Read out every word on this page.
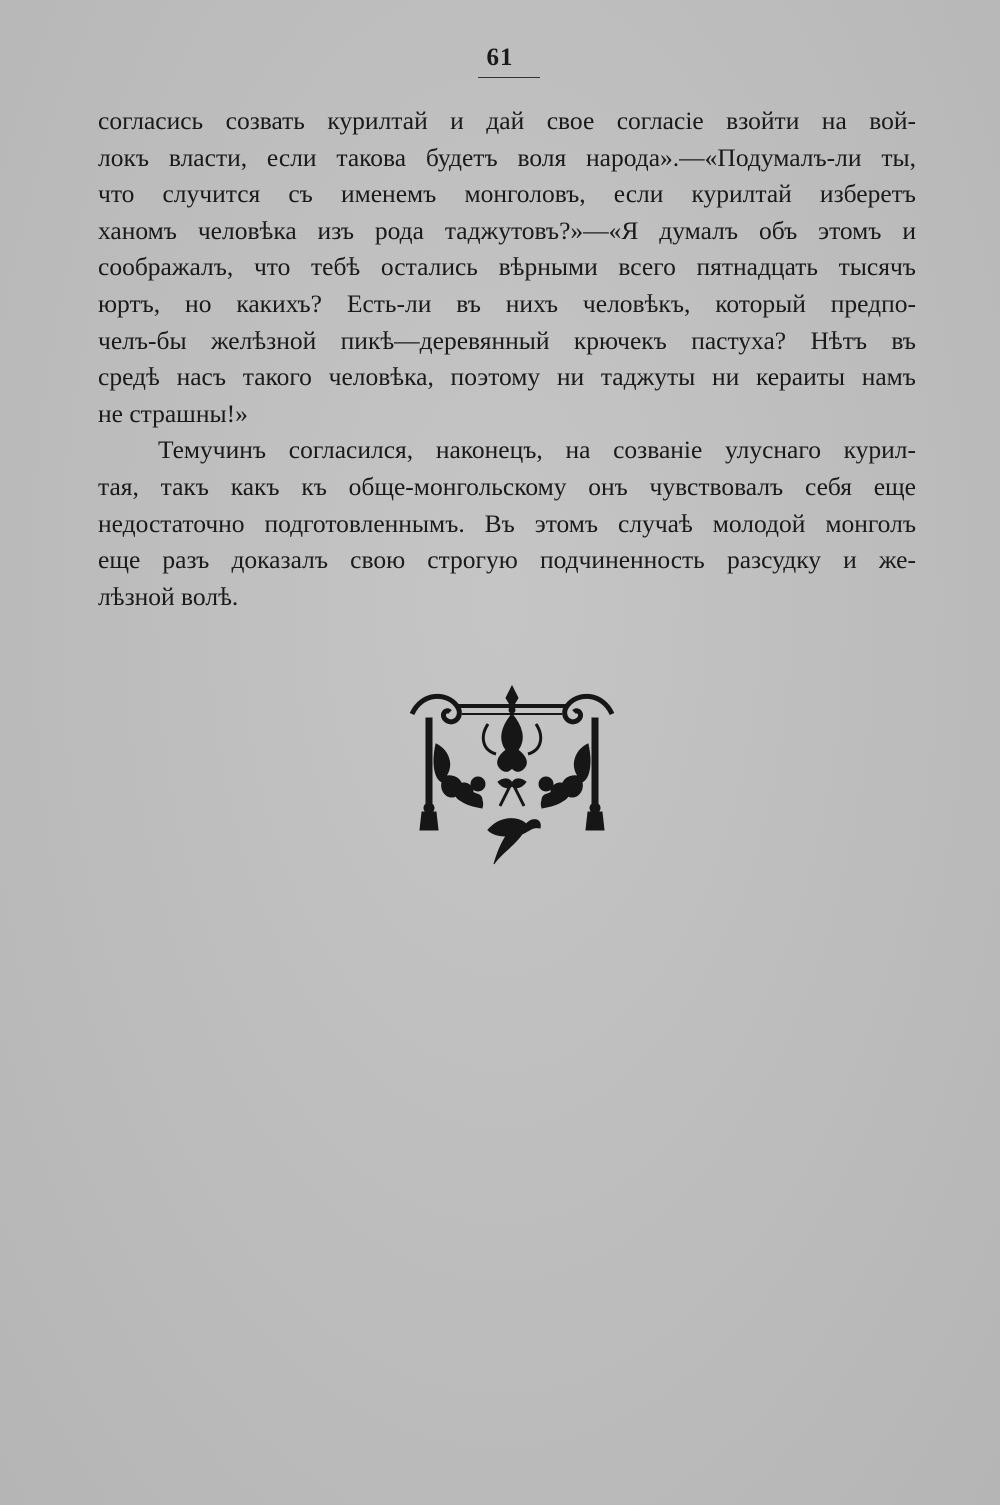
61
согласись созвать курилтай и дай свое согласіе взойти на вой-
локъ власти, если такова будетъ воля народа».—«Подумалъ-ли ты,
что случится съ именемъ монголовъ, если курилтай изберетъ
ханомъ человѣка изъ рода таджутовъ?»—«Я думалъ объ этомъ и
соображалъ, что тебѣ остались вѣрными всего пятнадцать тысячъ
юртъ, но какихъ? Есть-ли въ нихъ человѣкъ, который предпо-
челъ-бы желѣзной пикѣ—деревянный крючекъ пастуха? Нѣтъ въ
средѣ насъ такого человѣка, поэтому ни таджуты ни кераиты намъ
не страшны!»
Темучинъ согласился, наконецъ, на созваніе улуснаго курил-
тая, такъ какъ къ обще-монгольскому онъ чувствовалъ себя еще
недостаточно подготовленнымъ. Въ этомъ случаѣ молодой монголъ
еще разъ доказалъ свою строгую подчиненность разсудку и же-
лѣзной волѣ.
